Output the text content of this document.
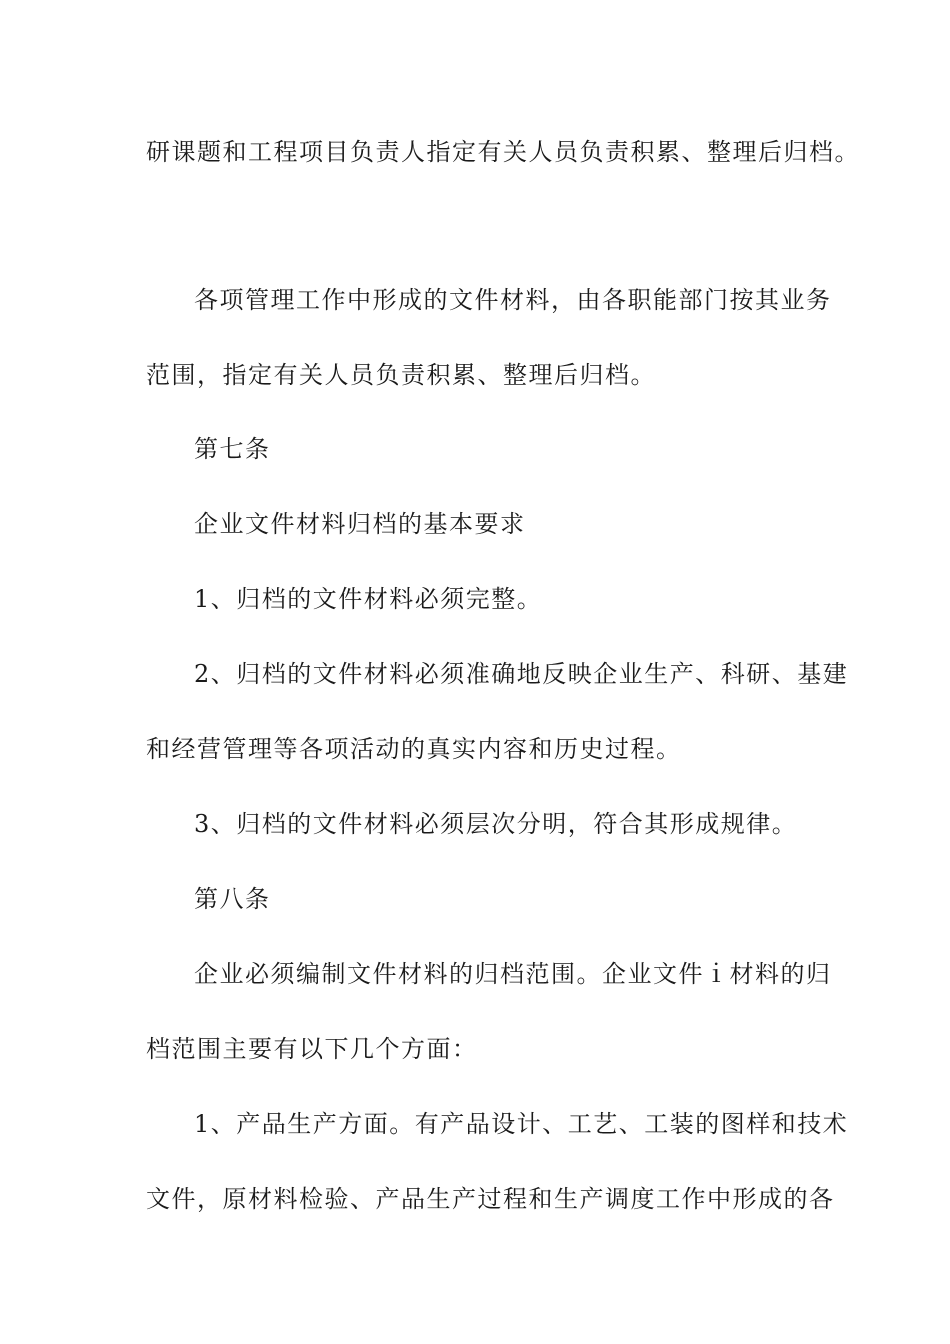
研课题和工程项目负责人指定有关人员负责积累、整理后归档。
各项管理工作中形成的文件材料，由各职能部门按其业务
范围，指定有关人员负责积累、整理后归档。
第七条
企业文件材料归档的基本要求
1、归档的文件材料必须完整。
2、归档的文件材料必须准确地反映企业生产、科研、基建
和经营管理等各项活动的真实内容和历史过程。
3、归档的文件材料必须层次分明，符合其形成规律。
第八条
企业必须编制文件材料的归档范围。企业文件ｉ材料的归
档范围主要有以下几个方面：
1、产品生产方面。有产品设计、工艺、工装的图样和技术
文件，原材料检验、产品生产过程和生产调度工作中形成的各
